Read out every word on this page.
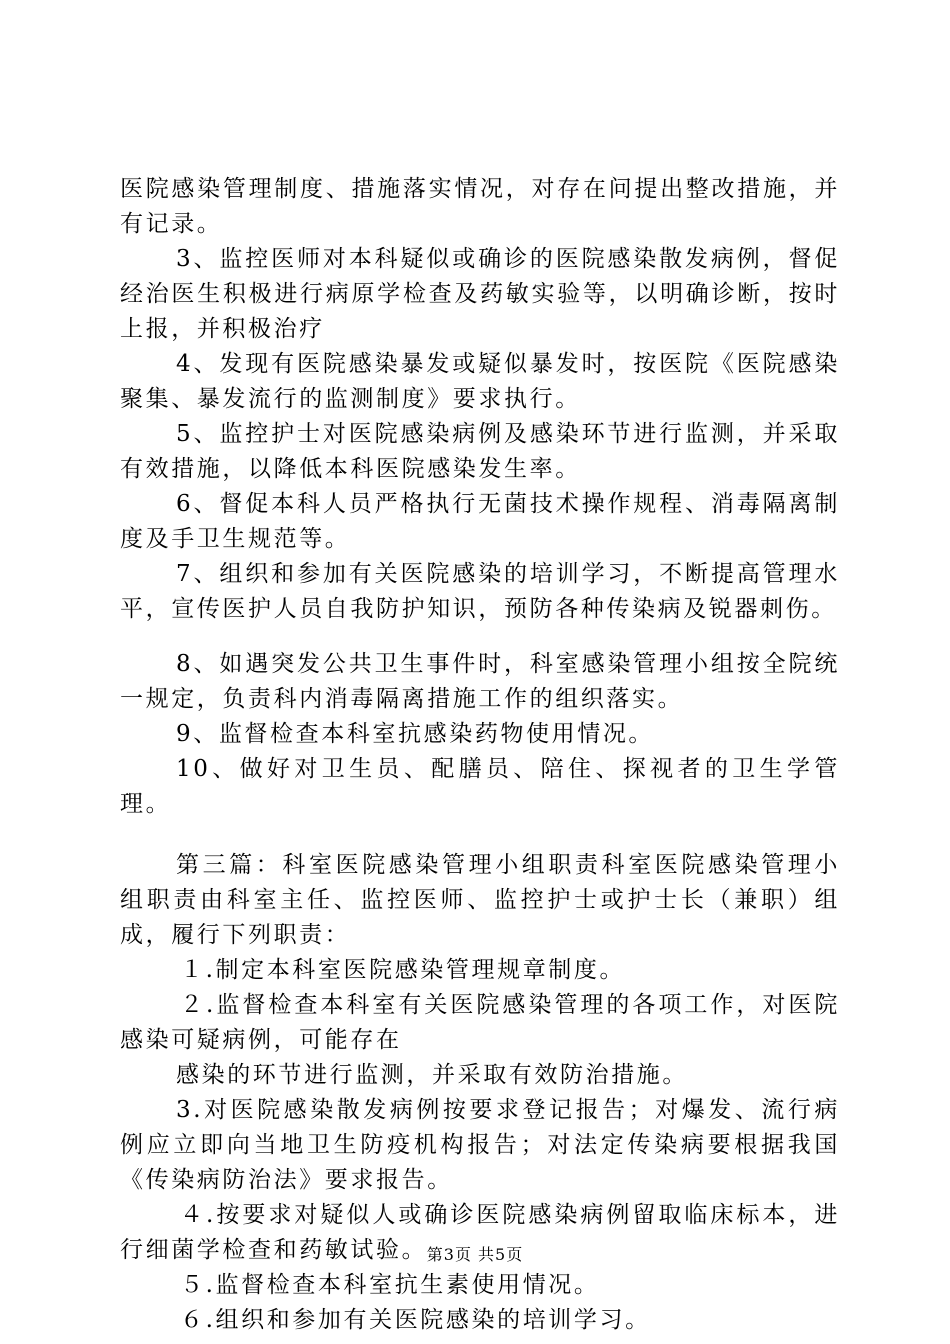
医院感染管理制度、措施落实情况，对存在问提出整改措施，并有记录。

3、监控医师对本科疑似或确诊的医院感染散发病例，督促经治医生积极进行病原学检查及药敏实验等，以明确诊断，按时上报，并积极治疗

4、发现有医院感染暴发或疑似暴发时，按医院《医院感染聚集、暴发流行的监测制度》要求执行。

5、监控护士对医院感染病例及感染环节进行监测，并采取有效措施，以降低本科医院感染发生率。

6、督促本科人员严格执行无菌技术操作规程、消毒隔离制度及手卫生规范等。

7、组织和参加有关医院感染的培训学习，不断提高管理水平，宣传医护人员自我防护知识，预防各种传染病及锐器刺伤。

8、如遇突发公共卫生事件时，科室感染管理小组按全院统一规定，负责科内消毒隔离措施工作的组织落实。

9、监督检查本科室抗感染药物使用情况。

10、做好对卫生员、配膳员、陪住、探视者的卫生学管理。

第三篇：科室医院感染管理小组职责科室医院感染管理小组职责由科室主任、监控医师、监控护士或护士长（兼职）组成，履行下列职责：

１.制定本科室医院感染管理规章制度。

２.监督检查本科室有关医院感染管理的各项工作，对医院感染可疑病例，可能存在

感染的环节进行监测，并采取有效防治措施。

3.对医院感染散发病例按要求登记报告；对爆发、流行病例应立即向当地卫生防疫机构报告；对法定传染病要根据我国《传染病防治法》要求报告。

４.按要求对疑似人或确诊医院感染病例留取临床标本，进行细菌学检查和药敏试验。

５.监督检查本科室抗生素使用情况。

６.组织和参加有关医院感染的培训学习。

第3页 共5页
